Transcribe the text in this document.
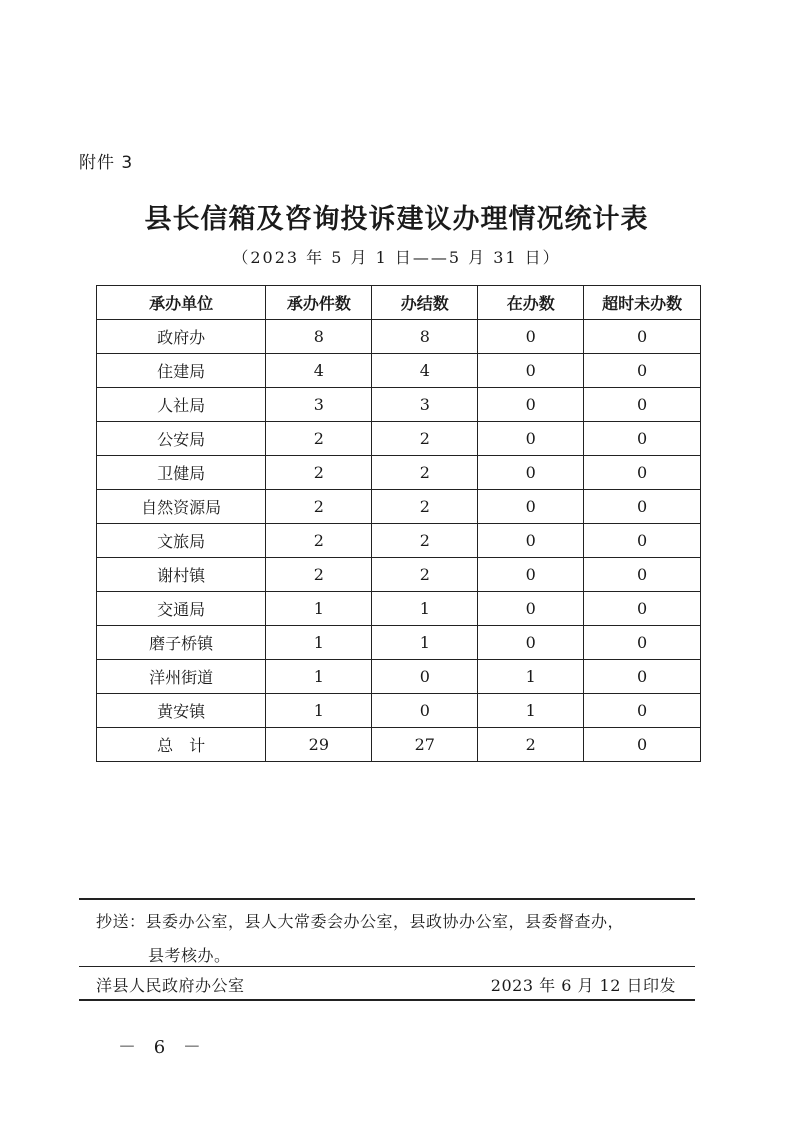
附件 3
县长信箱及咨询投诉建议办理情况统计表
（2023 年 5 月 1 日——5 月 31 日）
承办单位	承办件数	办结数	在办数	超时未办数
政府办	8	8	0	0
住建局	4	4	0	0
人社局	3	3	0	0
公安局	2	2	0	0
卫健局	2	2	0	0
自然资源局	2	2	0	0
文旅局	2	2	0	0
谢村镇	2	2	0	0
交通局	1	1	0	0
磨子桥镇	1	1	0	0
洋州街道	1	0	1	0
黄安镇	1	0	1	0
总　计	29	27	2	0
抄送：县委办公室，县人大常委会办公室，县政协办公室，县委督查办，
县考核办。
洋县人民政府办公室	2023 年 6 月 12 日印发
－ 6 －
